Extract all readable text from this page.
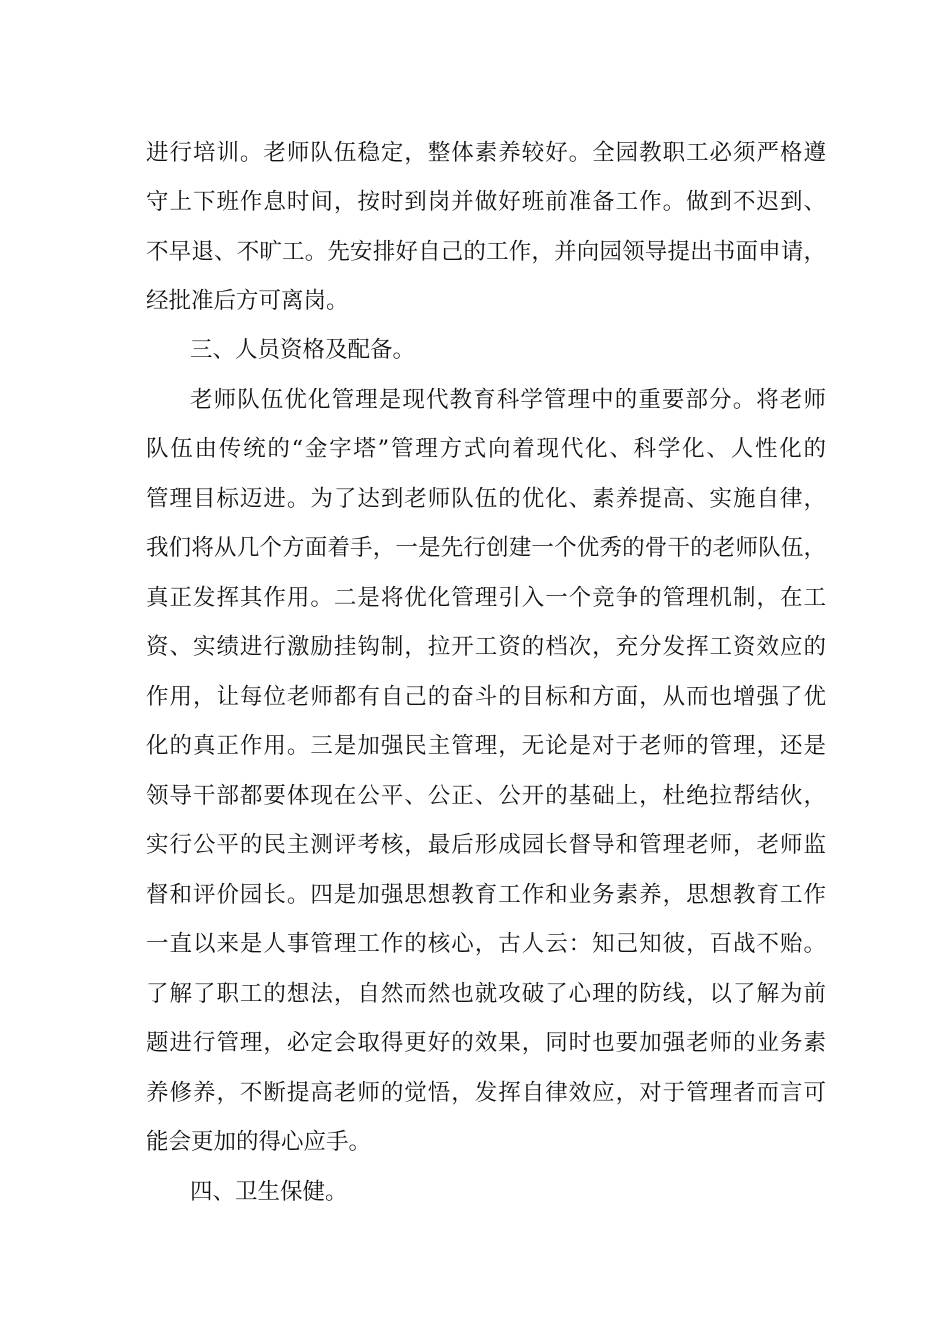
进行培训。老师队伍稳定，整体素养较好。全园教职工必须严格遵
守上下班作息时间，按时到岗并做好班前准备工作。做到不迟到、
不早退、不旷工。先安排好自己的工作，并向园领导提出书面申请，
经批准后方可离岗。
三、人员资格及配备。
老师队伍优化管理是现代教育科学管理中的重要部分。将老师
队伍由传统的“金字塔”管理方式向着现代化、科学化、人性化的
管理目标迈进。为了达到老师队伍的优化、素养提高、实施自律，
我们将从几个方面着手，一是先行创建一个优秀的骨干的老师队伍，
真正发挥其作用。二是将优化管理引入一个竞争的管理机制，在工
资、实绩进行激励挂钩制，拉开工资的档次，充分发挥工资效应的
作用，让每位老师都有自己的奋斗的目标和方面，从而也增强了优
化的真正作用。三是加强民主管理，无论是对于老师的管理，还是
领导干部都要体现在公平、公正、公开的基础上，杜绝拉帮结伙，
实行公平的民主测评考核，最后形成园长督导和管理老师，老师监
督和评价园长。四是加强思想教育工作和业务素养，思想教育工作
一直以来是人事管理工作的核心，古人云：知己知彼，百战不贻。
了解了职工的想法，自然而然也就攻破了心理的防线，以了解为前
题进行管理，必定会取得更好的效果，同时也要加强老师的业务素
养修养，不断提高老师的觉悟，发挥自律效应，对于管理者而言可
能会更加的得心应手。
四、卫生保健。
